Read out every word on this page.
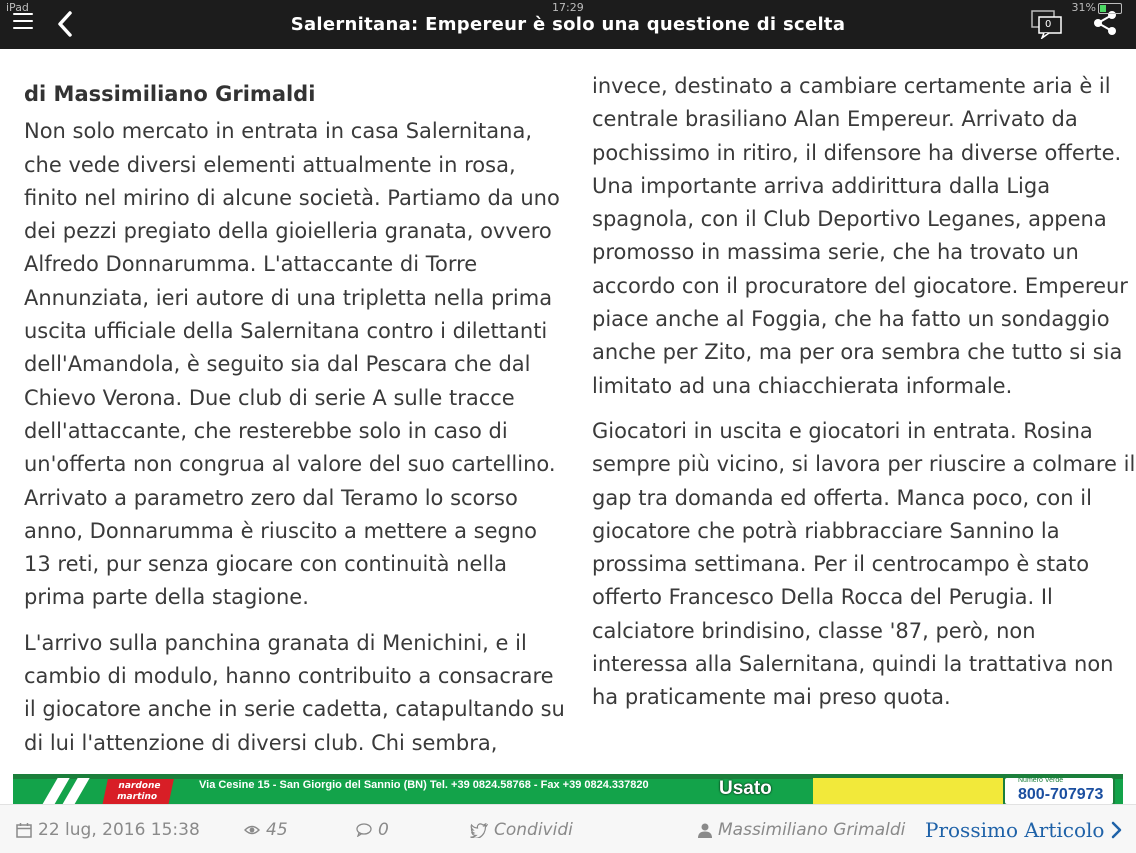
Salernitana: Empereur è solo una questione di scelta	0
iPad	17:29	31%
di Massimiliano Grimaldi

Non solo mercato in entrata in casa Salernitana, che vede diversi elementi attualmente in rosa, finito nel mirino di alcune società. Partiamo da uno dei pezzi pregiato della gioielleria granata, ovvero Alfredo Donnarumma. L'attaccante di Torre Annunziata, ieri autore di una tripletta nella prima uscita ufficiale della Salernitana contro i dilettanti dell'Amandola, è seguito sia dal Pescara che dal Chievo Verona. Due club di serie A sulle tracce dell'attaccante, che resterebbe solo in caso di un'offerta non congrua al valore del suo cartellino. Arrivato a parametro zero dal Teramo lo scorso anno, Donnarumma è riuscito a mettere a segno 13 reti, pur senza giocare con continuità nella prima parte della stagione.

L'arrivo sulla panchina granata di Menichini, e il cambio di modulo, hanno contribuito a consacrare il giocatore anche in serie cadetta, catapultando su di lui l'attenzione di diversi club. Chi sembra, invece, destinato a cambiare certamente aria è il centrale brasiliano Alan Empereur. Arrivato da pochissimo in ritiro, il difensore ha diverse offerte. Una importante arriva addirittura dalla Liga spagnola, con il Club Deportivo Leganes, appena promosso in massima serie, che ha trovato un accordo con il procuratore del giocatore. Empereur piace anche al Foggia, che ha fatto un sondaggio anche per Zito, ma per ora sembra che tutto si sia limitato ad una chiacchierata informale.

Giocatori in uscita e giocatori in entrata. Rosina sempre più vicino, si lavora per riuscire a colmare il gap tra domanda ed offerta. Manca poco, con il giocatore che potrà riabbracciare Sannino la prossima settimana. Per il centrocampo è stato offerto Francesco Della Rocca del Perugia. Il calciatore brindisino, classe '87, però, non interessa alla Salernitana, quindi la trattativa non ha praticamente mai preso quota.

nardone martino
Via Cesine 15 - San Giorgio del Sannio (BN) Tel. +39 0824.58768 - Fax +39 0824.337820	Usato	Numero Verde
800-707973
22 lug, 2016 15:38	45	0	Condividi	Massimiliano Grimaldi Prossimo Articolo
